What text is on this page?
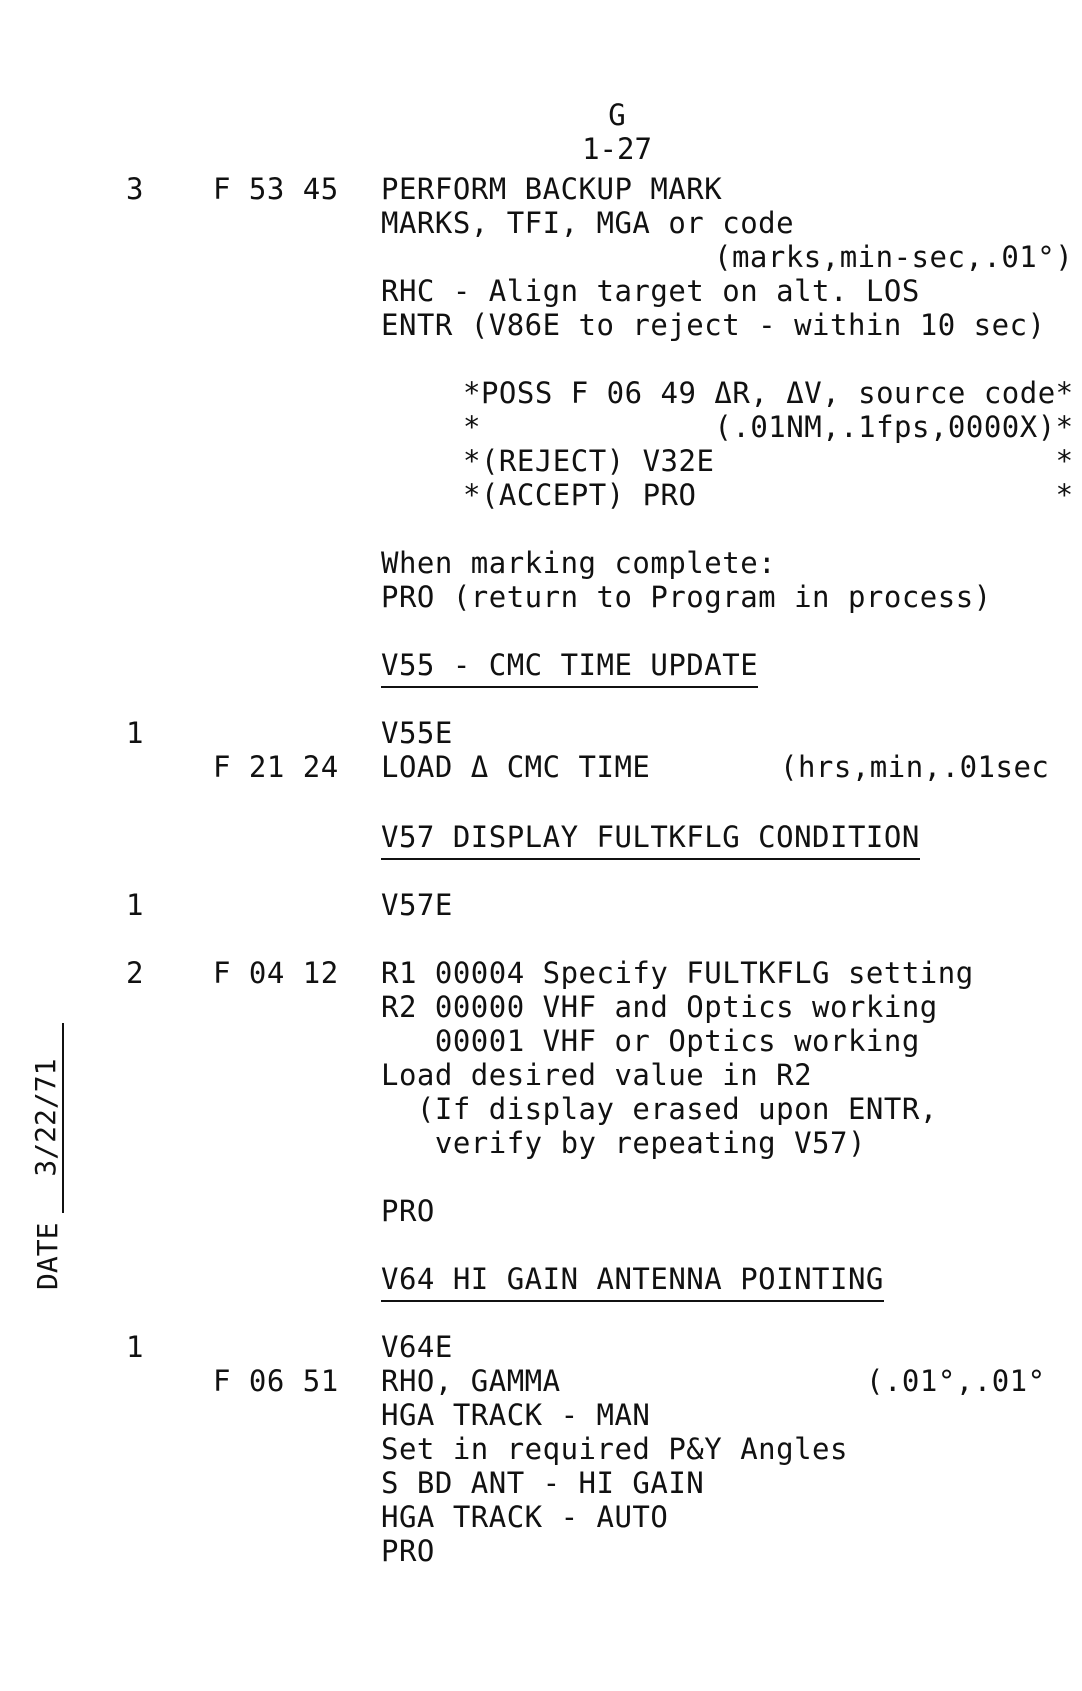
G
1-27
3 F 53 45 PERFORM BACKUP MARK
MARKS, TFI, MGA or code
(marks,min-sec,.01°)
RHC - Align target on alt. LOS
ENTR (V86E to reject - within 10 sec)
*POSS F 06 49 ΔR, ΔV, source code*
*             (.01NM,.1fps,0000X)*
*(REJECT) V32E                   *
*(ACCEPT) PRO                    *
When marking complete:
PRO (return to Program in process)
V55 - CMC TIME UPDATE
1	V55E
F 21 24 LOAD Δ CMC TIME	(hrs,min,.01sec
V57 DISPLAY FULTKFLG CONDITION
1	V57E
2 F 04 12 R1 00004 Specify FULTKFLG setting
R2 00000 VHF and Optics working
00001 VHF or Optics working
Load desired value in R2
(If display erased upon ENTR,
verify by repeating V57)
PRO
V64 HI GAIN ANTENNA POINTING
1	V64E
F 06 51 RHO, GAMMA	(.01°,.01°
HGA TRACK - MAN
Set in required P&Y Angles
S BD ANT - HI GAIN
HGA TRACK - AUTO
PRO
DATE
3/22/71
